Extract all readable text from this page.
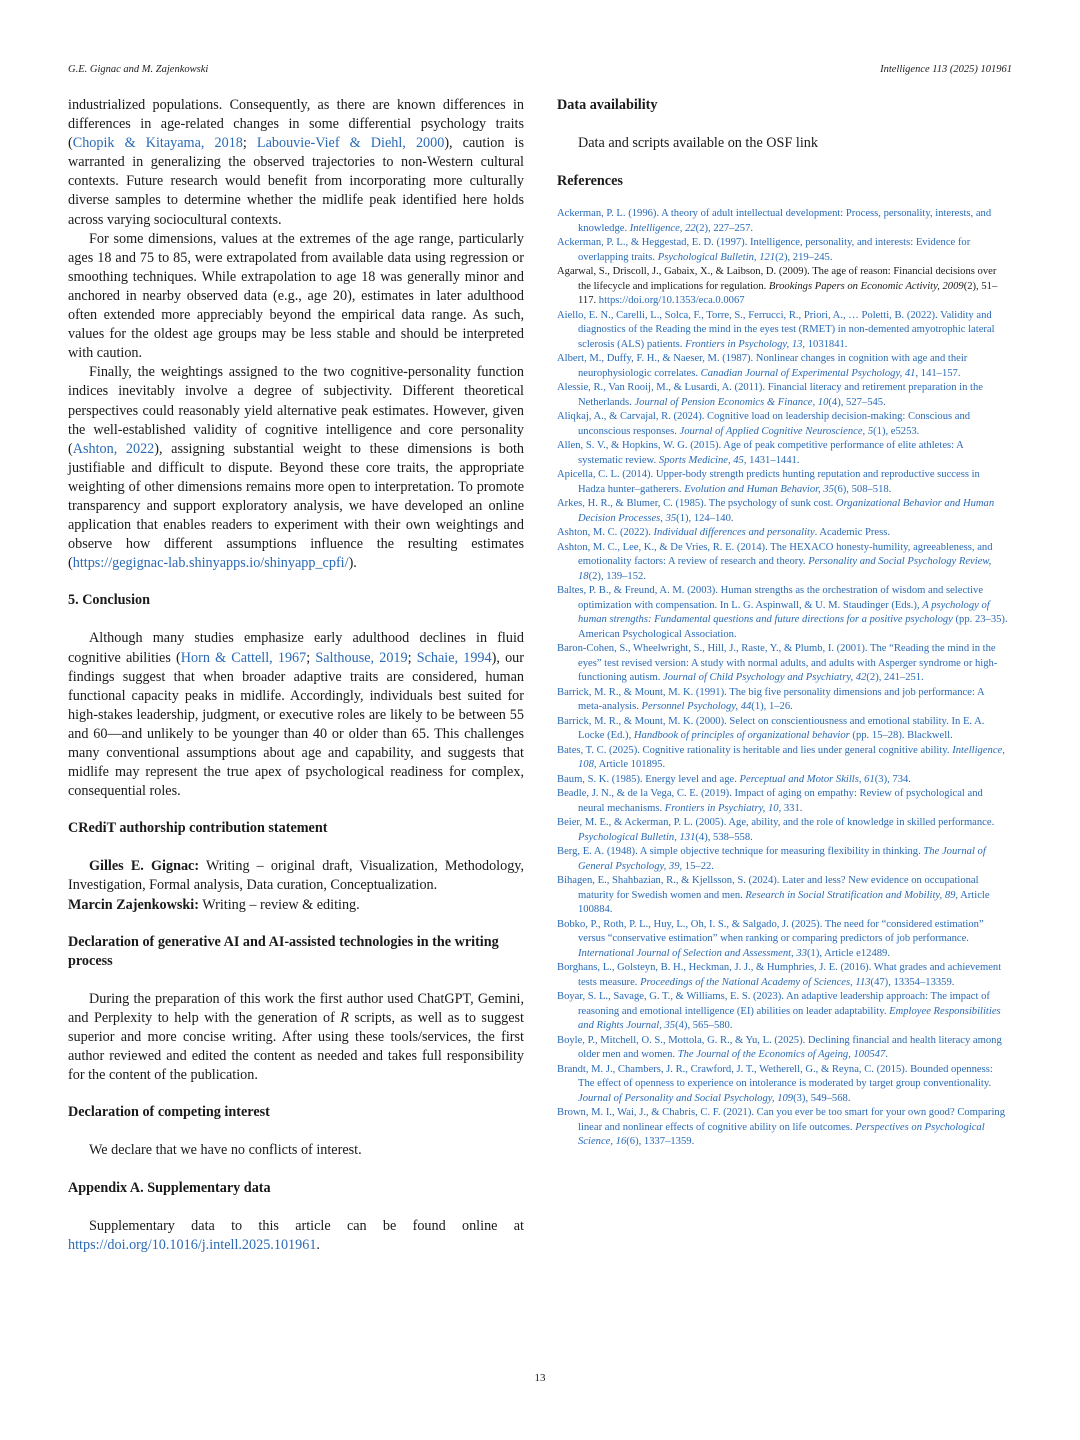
G.E. Gignac and M. Zajenkowski	Intelligence 113 (2025) 101961

industrialized populations. Consequently, as there are known differences in differences in age-related changes in some differential psychology traits (Chopik & Kitayama, 2018; Labouvie-Vief & Diehl, 2000), caution is warranted in generalizing the observed trajectories to non-Western cultural contexts. Future research would benefit from incorporating more culturally diverse samples to determine whether the midlife peak identified here holds across varying sociocultural contexts.

For some dimensions, values at the extremes of the age range, particularly ages 18 and 75 to 85, were extrapolated from available data using regression or smoothing techniques. While extrapolation to age 18 was generally minor and anchored in nearby observed data (e.g., age 20), estimates in later adulthood often extended more appreciably beyond the empirical data range. As such, values for the oldest age groups may be less stable and should be interpreted with caution.

Finally, the weightings assigned to the two cognitive-personality function indices inevitably involve a degree of subjectivity. Different theoretical perspectives could reasonably yield alternative peak estimates. However, given the well-established validity of cognitive intelligence and core personality (Ashton, 2022), assigning substantial weight to these dimensions is both justifiable and difficult to dispute. Beyond these core traits, the appropriate weighting of other dimensions remains more open to interpretation. To promote transparency and support exploratory analysis, we have developed an online application that enables readers to experiment with their own weightings and observe how different assumptions influence the resulting estimates (https://gegignac-lab.shinyapps.io/shinyapp_cpfi/).

5. Conclusion

Although many studies emphasize early adulthood declines in fluid cognitive abilities (Horn & Cattell, 1967; Salthouse, 2019; Schaie, 1994), our findings suggest that when broader adaptive traits are considered, human functional capacity peaks in midlife. Accordingly, individuals best suited for high-stakes leadership, judgment, or executive roles are likely to be between 55 and 60—and unlikely to be younger than 40 or older than 65. This challenges many conventional assumptions about age and capability, and suggests that midlife may represent the true apex of psychological readiness for complex, consequential roles.

CRediT authorship contribution statement

Gilles E. Gignac: Writing – original draft, Visualization, Methodology, Investigation, Formal analysis, Data curation, Conceptualization.

Marcin Zajenkowski: Writing – review & editing.

Declaration of generative AI and AI-assisted technologies in the writing process

During the preparation of this work the first author used ChatGPT, Gemini, and Perplexity to help with the generation of R scripts, as well as to suggest superior and more concise writing. After using these tools/services, the first author reviewed and edited the content as needed and takes full responsibility for the content of the publication.

Declaration of competing interest

We declare that we have no conflicts of interest.

Appendix A. Supplementary data

Supplementary data to this article can be found online at https://doi.org/10.1016/j.intell.2025.101961.

Data availability

Data and scripts available on the OSF link

References

Ackerman, P. L. (1996). A theory of adult intellectual development: Process, personality, interests, and knowledge. Intelligence, 22(2), 227–257.

Ackerman, P. L., & Heggestad, E. D. (1997). Intelligence, personality, and interests: Evidence for overlapping traits. Psychological Bulletin, 121(2), 219–245.

Agarwal, S., Driscoll, J., Gabaix, X., & Laibson, D. (2009). The age of reason: Financial decisions over the lifecycle and implications for regulation. Brookings Papers on Economic Activity, 2009(2), 51–117. https://doi.org/10.1353/eca.0.0067

Aiello, E. N., Carelli, L., Solca, F., Torre, S., Ferrucci, R., Priori, A., … Poletti, B. (2022). Validity and diagnostics of the Reading the mind in the eyes test (RMET) in non-demented amyotrophic lateral sclerosis (ALS) patients. Frontiers in Psychology, 13, 1031841.

Albert, M., Duffy, F. H., & Naeser, M. (1987). Nonlinear changes in cognition with age and their neurophysiologic correlates. Canadian Journal of Experimental Psychology, 41, 141–157.

Alessie, R., Van Rooij, M., & Lusardi, A. (2011). Financial literacy and retirement preparation in the Netherlands. Journal of Pension Economics & Finance, 10(4), 527–545.

Aliqkaj, A., & Carvajal, R. (2024). Cognitive load on leadership decision-making: Conscious and unconscious responses. Journal of Applied Cognitive Neuroscience, 5(1), e5253.

Allen, S. V., & Hopkins, W. G. (2015). Age of peak competitive performance of elite athletes: A systematic review. Sports Medicine, 45, 1431–1441.

Apicella, C. L. (2014). Upper-body strength predicts hunting reputation and reproductive success in Hadza hunter–gatherers. Evolution and Human Behavior, 35(6), 508–518.

Arkes, H. R., & Blumer, C. (1985). The psychology of sunk cost. Organizational Behavior and Human Decision Processes, 35(1), 124–140.

Ashton, M. C. (2022). Individual differences and personality. Academic Press.

Ashton, M. C., Lee, K., & De Vries, R. E. (2014). The HEXACO honesty-humility, agreeableness, and emotionality factors: A review of research and theory. Personality and Social Psychology Review, 18(2), 139–152.

Baltes, P. B., & Freund, A. M. (2003). Human strengths as the orchestration of wisdom and selective optimization with compensation. In L. G. Aspinwall, & U. M. Staudinger (Eds.), A psychology of human strengths: Fundamental questions and future directions for a positive psychology (pp. 23–35). American Psychological Association.

Baron-Cohen, S., Wheelwright, S., Hill, J., Raste, Y., & Plumb, I. (2001). The “Reading the mind in the eyes” test revised version: A study with normal adults, and adults with Asperger syndrome or high-functioning autism. Journal of Child Psychology and Psychiatry, 42(2), 241–251.

Barrick, M. R., & Mount, M. K. (1991). The big five personality dimensions and job performance: A meta-analysis. Personnel Psychology, 44(1), 1–26.

Barrick, M. R., & Mount, M. K. (2000). Select on conscientiousness and emotional stability. In E. A. Locke (Ed.), Handbook of principles of organizational behavior (pp. 15–28). Blackwell.

Bates, T. C. (2025). Cognitive rationality is heritable and lies under general cognitive ability. Intelligence, 108, Article 101895.

Baum, S. K. (1985). Energy level and age. Perceptual and Motor Skills, 61(3), 734.

Beadle, J. N., & de la Vega, C. E. (2019). Impact of aging on empathy: Review of psychological and neural mechanisms. Frontiers in Psychiatry, 10, 331.

Beier, M. E., & Ackerman, P. L. (2005). Age, ability, and the role of knowledge in skilled performance. Psychological Bulletin, 131(4), 538–558.

Berg, E. A. (1948). A simple objective technique for measuring flexibility in thinking. The Journal of General Psychology, 39, 15–22.

Bihagen, E., Shahbazian, R., & Kjellsson, S. (2024). Later and less? New evidence on occupational maturity for Swedish women and men. Research in Social Stratification and Mobility, 89, Article 100884.

Bobko, P., Roth, P. L., Huy, L., Oh, I. S., & Salgado, J. (2025). The need for “considered estimation” versus “conservative estimation” when ranking or comparing predictors of job performance. International Journal of Selection and Assessment, 33(1), Article e12489.

Borghans, L., Golsteyn, B. H., Heckman, J. J., & Humphries, J. E. (2016). What grades and achievement tests measure. Proceedings of the National Academy of Sciences, 113(47), 13354–13359.

Boyar, S. L., Savage, G. T., & Williams, E. S. (2023). An adaptive leadership approach: The impact of reasoning and emotional intelligence (EI) abilities on leader adaptability. Employee Responsibilities and Rights Journal, 35(4), 565–580.

Boyle, P., Mitchell, O. S., Mottola, G. R., & Yu, L. (2025). Declining financial and health literacy among older men and women. The Journal of the Economics of Ageing, 100547.

Brandt, M. J., Chambers, J. R., Crawford, J. T., Wetherell, G., & Reyna, C. (2015). Bounded openness: The effect of openness to experience on intolerance is moderated by target group conventionality. Journal of Personality and Social Psychology, 109(3), 549–568.

Brown, M. I., Wai, J., & Chabris, C. F. (2021). Can you ever be too smart for your own good? Comparing linear and nonlinear effects of cognitive ability on life outcomes. Perspectives on Psychological Science, 16(6), 1337–1359.

13
